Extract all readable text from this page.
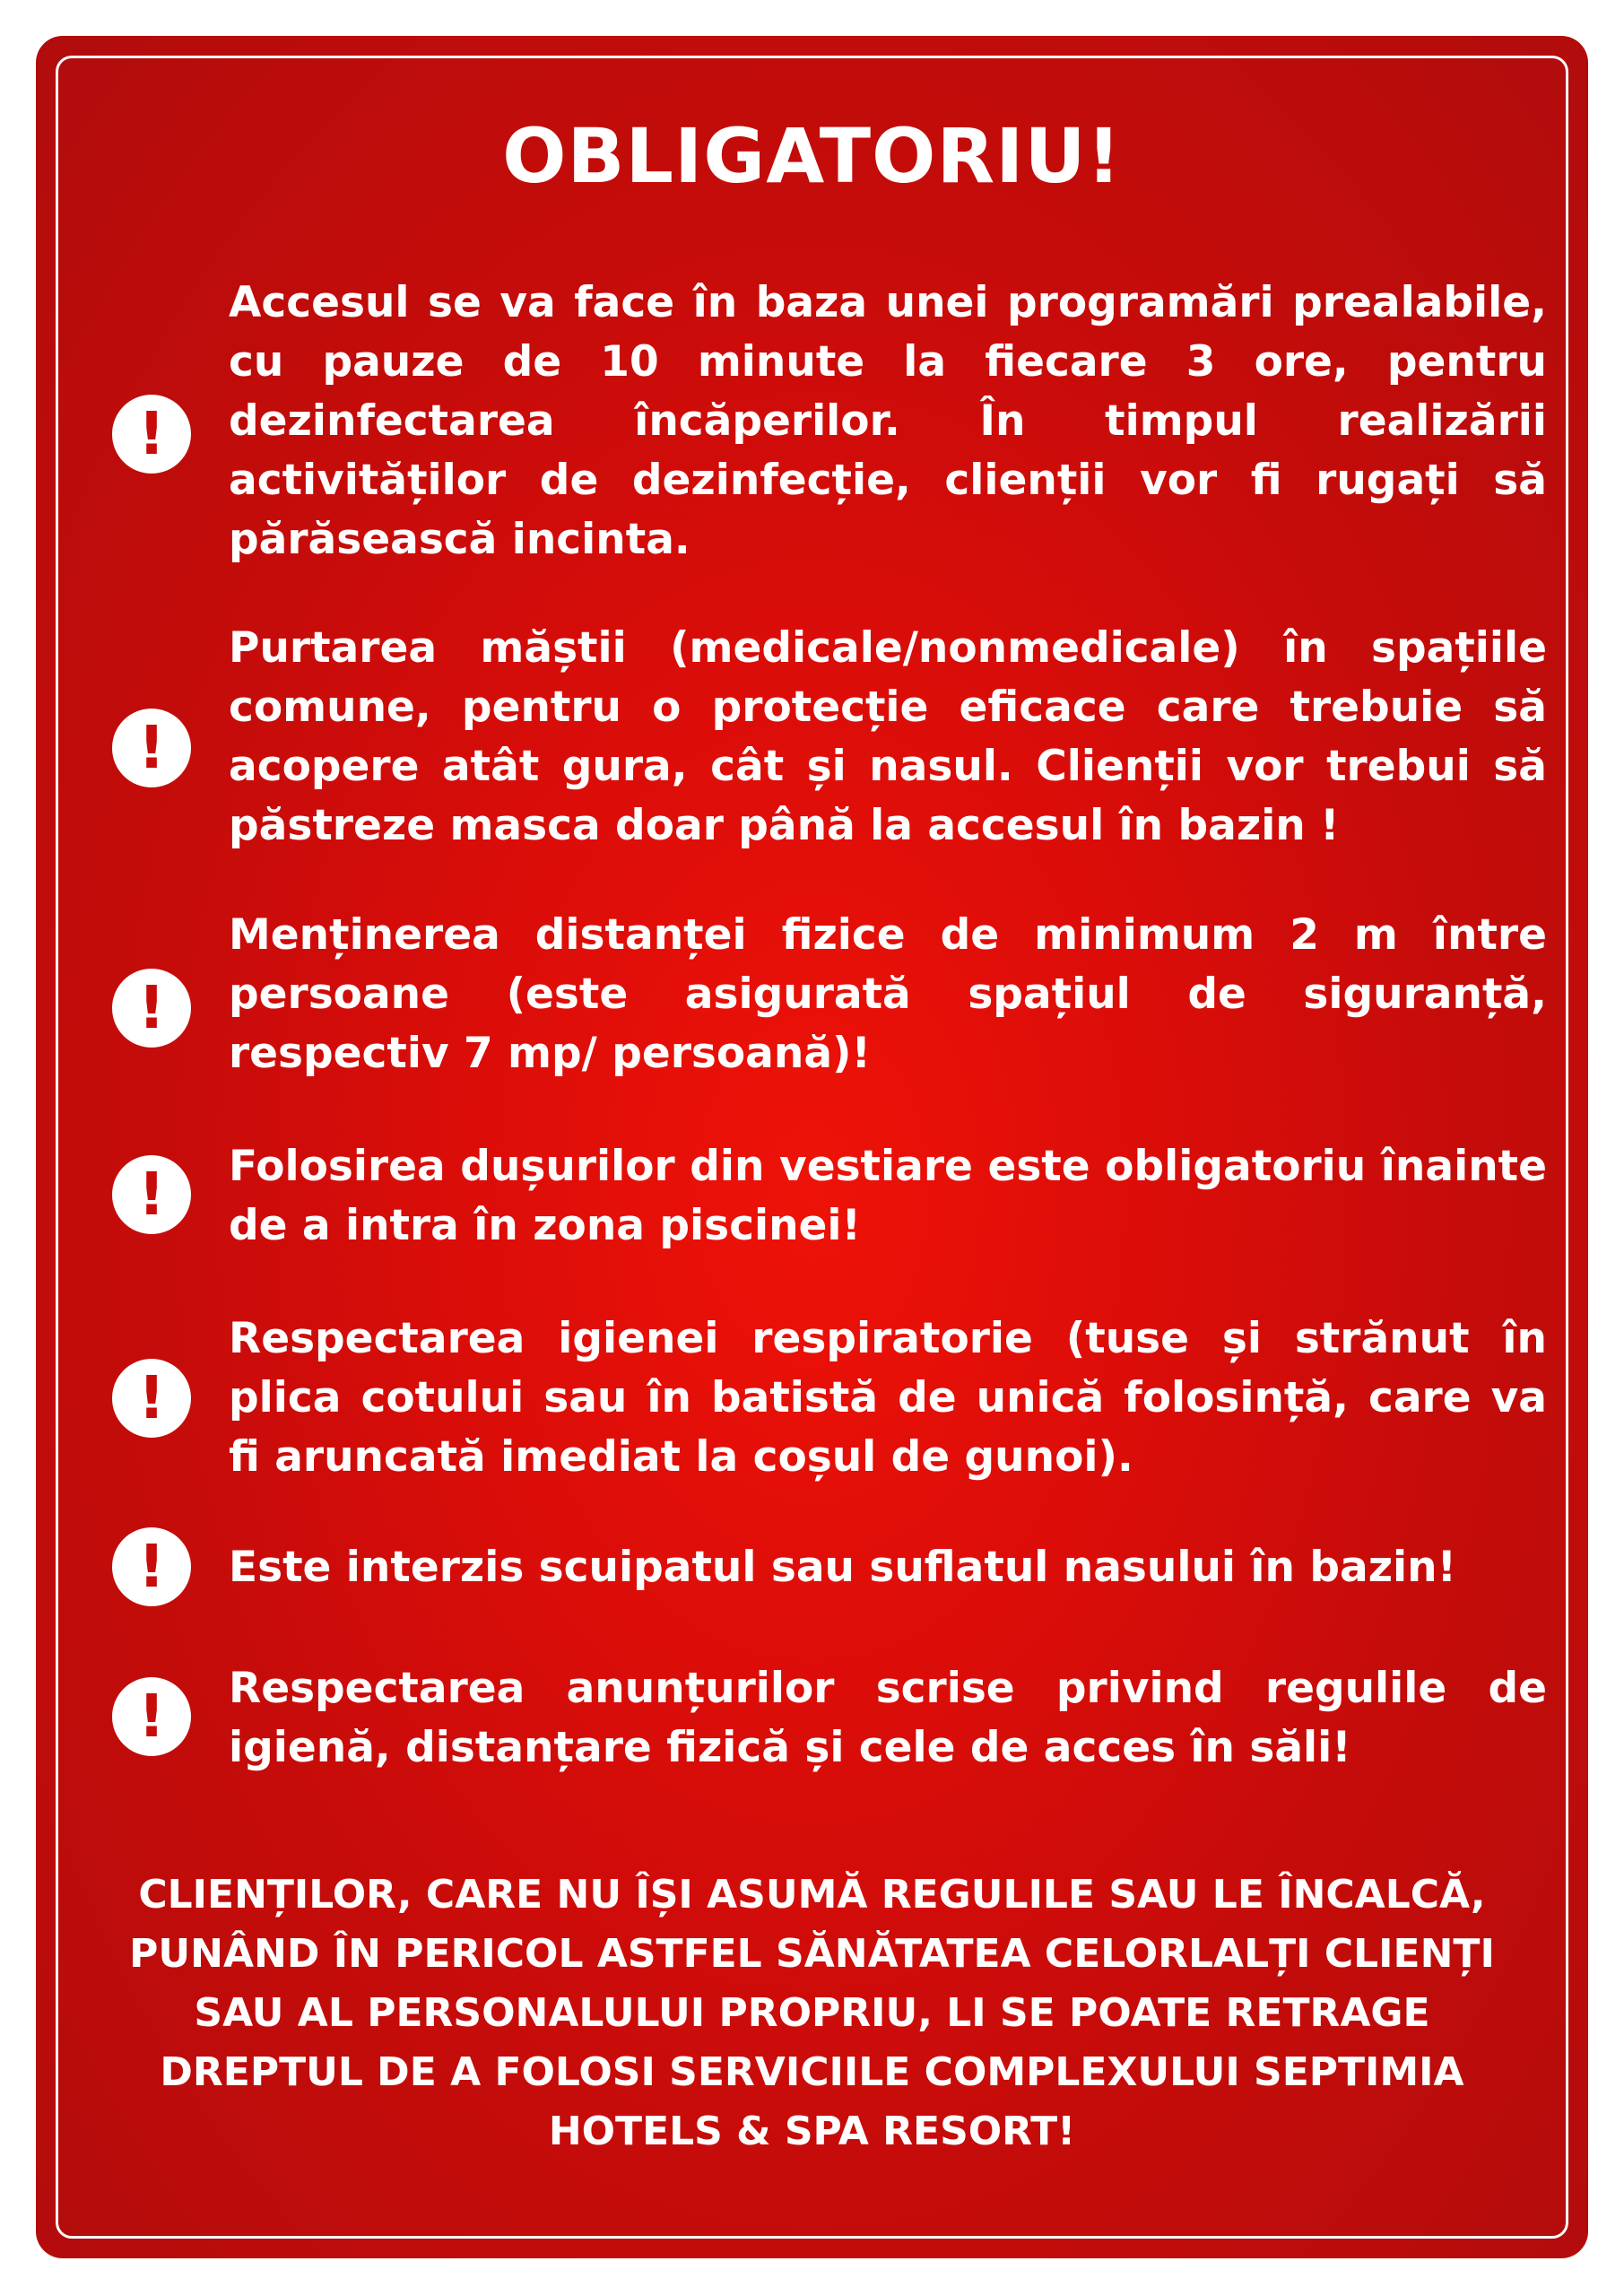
OBLIGATORIU!
!
Accesul se va face în baza unei programări prealabile, cu pauze de 10 minute la fiecare 3 ore, pentru dezinfectarea încăperilor. În timpul realizării activităților de dezinfecție, clienții vor fi rugați să părăsească incinta.
!
Purtarea măștii (medicale/nonmedicale) în spațiile comune, pentru o protecție eficace care trebuie să acopere atât gura, cât și nasul. Clienții vor trebui să păstreze masca doar până la accesul în bazin !
!
Menținerea distanței fizice de minimum 2 m între persoane (este asigurată spațiul de siguranță, respectiv 7 mp/ persoană)!
! Folosirea dușurilor din vestiare este obligatoriu înainte de a intra în zona piscinei!
!
Respectarea igienei respiratorie (tuse și strănut în plica cotului sau în batistă de unică folosință, care va fi aruncată imediat la coșul de gunoi).
! Este interzis scuipatul sau suflatul nasului în bazin!
! Respectarea anunțurilor scrise privind regulile de igienă, distanțare fizică și cele de acces în săli!
CLIENȚILOR, CARE NU ÎȘI ASUMĂ REGULILE SAU LE ÎNCALCĂ, PUNÂND ÎN PERICOL ASTFEL SĂNĂTATEA CELORLALȚI CLIENȚI SAU AL PERSONALULUI PROPRIU, LI SE POATE RETRAGE DREPTUL DE A FOLOSI SERVICIILE COMPLEXULUI SEPTIMIA HOTELS & SPA RESORT!
